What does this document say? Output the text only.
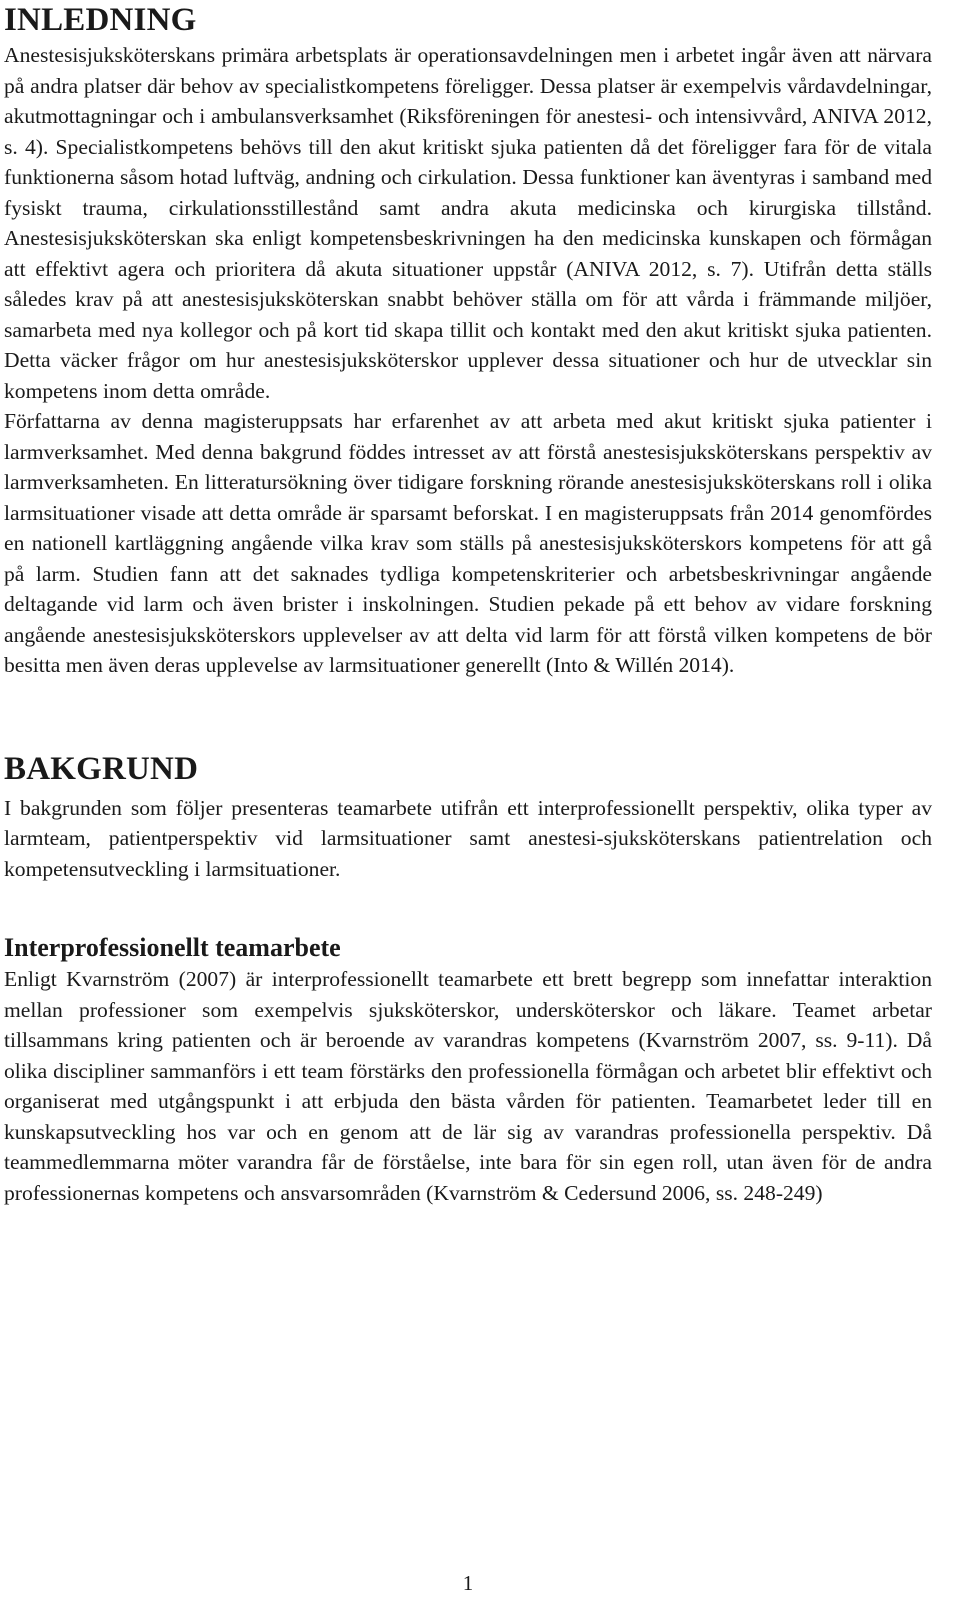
INLEDNING

Anestesisjuksköterskans primära arbetsplats är operationsavdelningen men i arbetet ingår även att närvara på andra platser där behov av specialistkompetens föreligger. Dessa platser är exempelvis vårdavdelningar, akutmottagningar och i ambulansverksamhet (Riksföreningen för anestesi- och intensivvård, ANIVA 2012, s. 4). Specialistkompetens behövs till den akut kritiskt sjuka patienten då det föreligger fara för de vitala funktionerna såsom hotad luftväg, andning och cirkulation. Dessa funktioner kan äventyras i samband med fysiskt trauma, cirkulationsstillestånd samt andra akuta medicinska och kirurgiska tillstånd. Anestesisjuksköterskan ska enligt kompetensbeskrivningen ha den medicinska kunskapen och förmågan att effektivt agera och prioritera då akuta situationer uppstår (ANIVA 2012, s. 7). Utifrån detta ställs således krav på att anestesisjuksköterskan snabbt behöver ställa om för att vårda i främmande miljöer, samarbeta med nya kollegor och på kort tid skapa tillit och kontakt med den akut kritiskt sjuka patienten. Detta väcker frågor om hur anestesisjuksköterskor upplever dessa situationer och hur de utvecklar sin kompetens inom detta område.

Författarna av denna magisteruppsats har erfarenhet av att arbeta med akut kritiskt sjuka patienter i larmverksamhet. Med denna bakgrund föddes intresset av att förstå anestesisjuksköterskans perspektiv av larmverksamheten. En litteratursökning över tidigare forskning rörande anestesisjuksköterskans roll i olika larmsituationer visade att detta område är sparsamt beforskat. I en magisteruppsats från 2014 genomfördes en nationell kartläggning angående vilka krav som ställs på anestesisjuksköterskors kompetens för att gå på larm. Studien fann att det saknades tydliga kompetenskriterier och arbetsbeskrivningar angående deltagande vid larm och även brister i inskolningen. Studien pekade på ett behov av vidare forskning angående anestesisjuksköterskors upplevelser av att delta vid larm för att förstå vilken kompetens de bör besitta men även deras upplevelse av larmsituationer generellt (Into & Willén 2014).

BAKGRUND

I bakgrunden som följer presenteras teamarbete utifrån ett interprofessionellt perspektiv, olika typer av larmteam, patientperspektiv vid larmsituationer samt anestesi-sjuksköterskans patientrelation och kompetensutveckling i larmsituationer.

Interprofessionellt teamarbete

Enligt Kvarnström (2007) är interprofessionellt teamarbete ett brett begrepp som innefattar interaktion mellan professioner som exempelvis sjuksköterskor, undersköterskor och läkare. Teamet arbetar tillsammans kring patienten och är beroende av varandras kompetens (Kvarnström 2007, ss. 9-11). Då olika discipliner sammanförs i ett team förstärks den professionella förmågan och arbetet blir effektivt och organiserat med utgångspunkt i att erbjuda den bästa vården för patienten. Teamarbetet leder till en kunskapsutveckling hos var och en genom att de lär sig av varandras professionella perspektiv. Då teammedlemmarna möter varandra får de förståelse, inte bara för sin egen roll, utan även för de andra professionernas kompetens och ansvarsområden (Kvarnström & Cedersund 2006, ss. 248-249)

1
